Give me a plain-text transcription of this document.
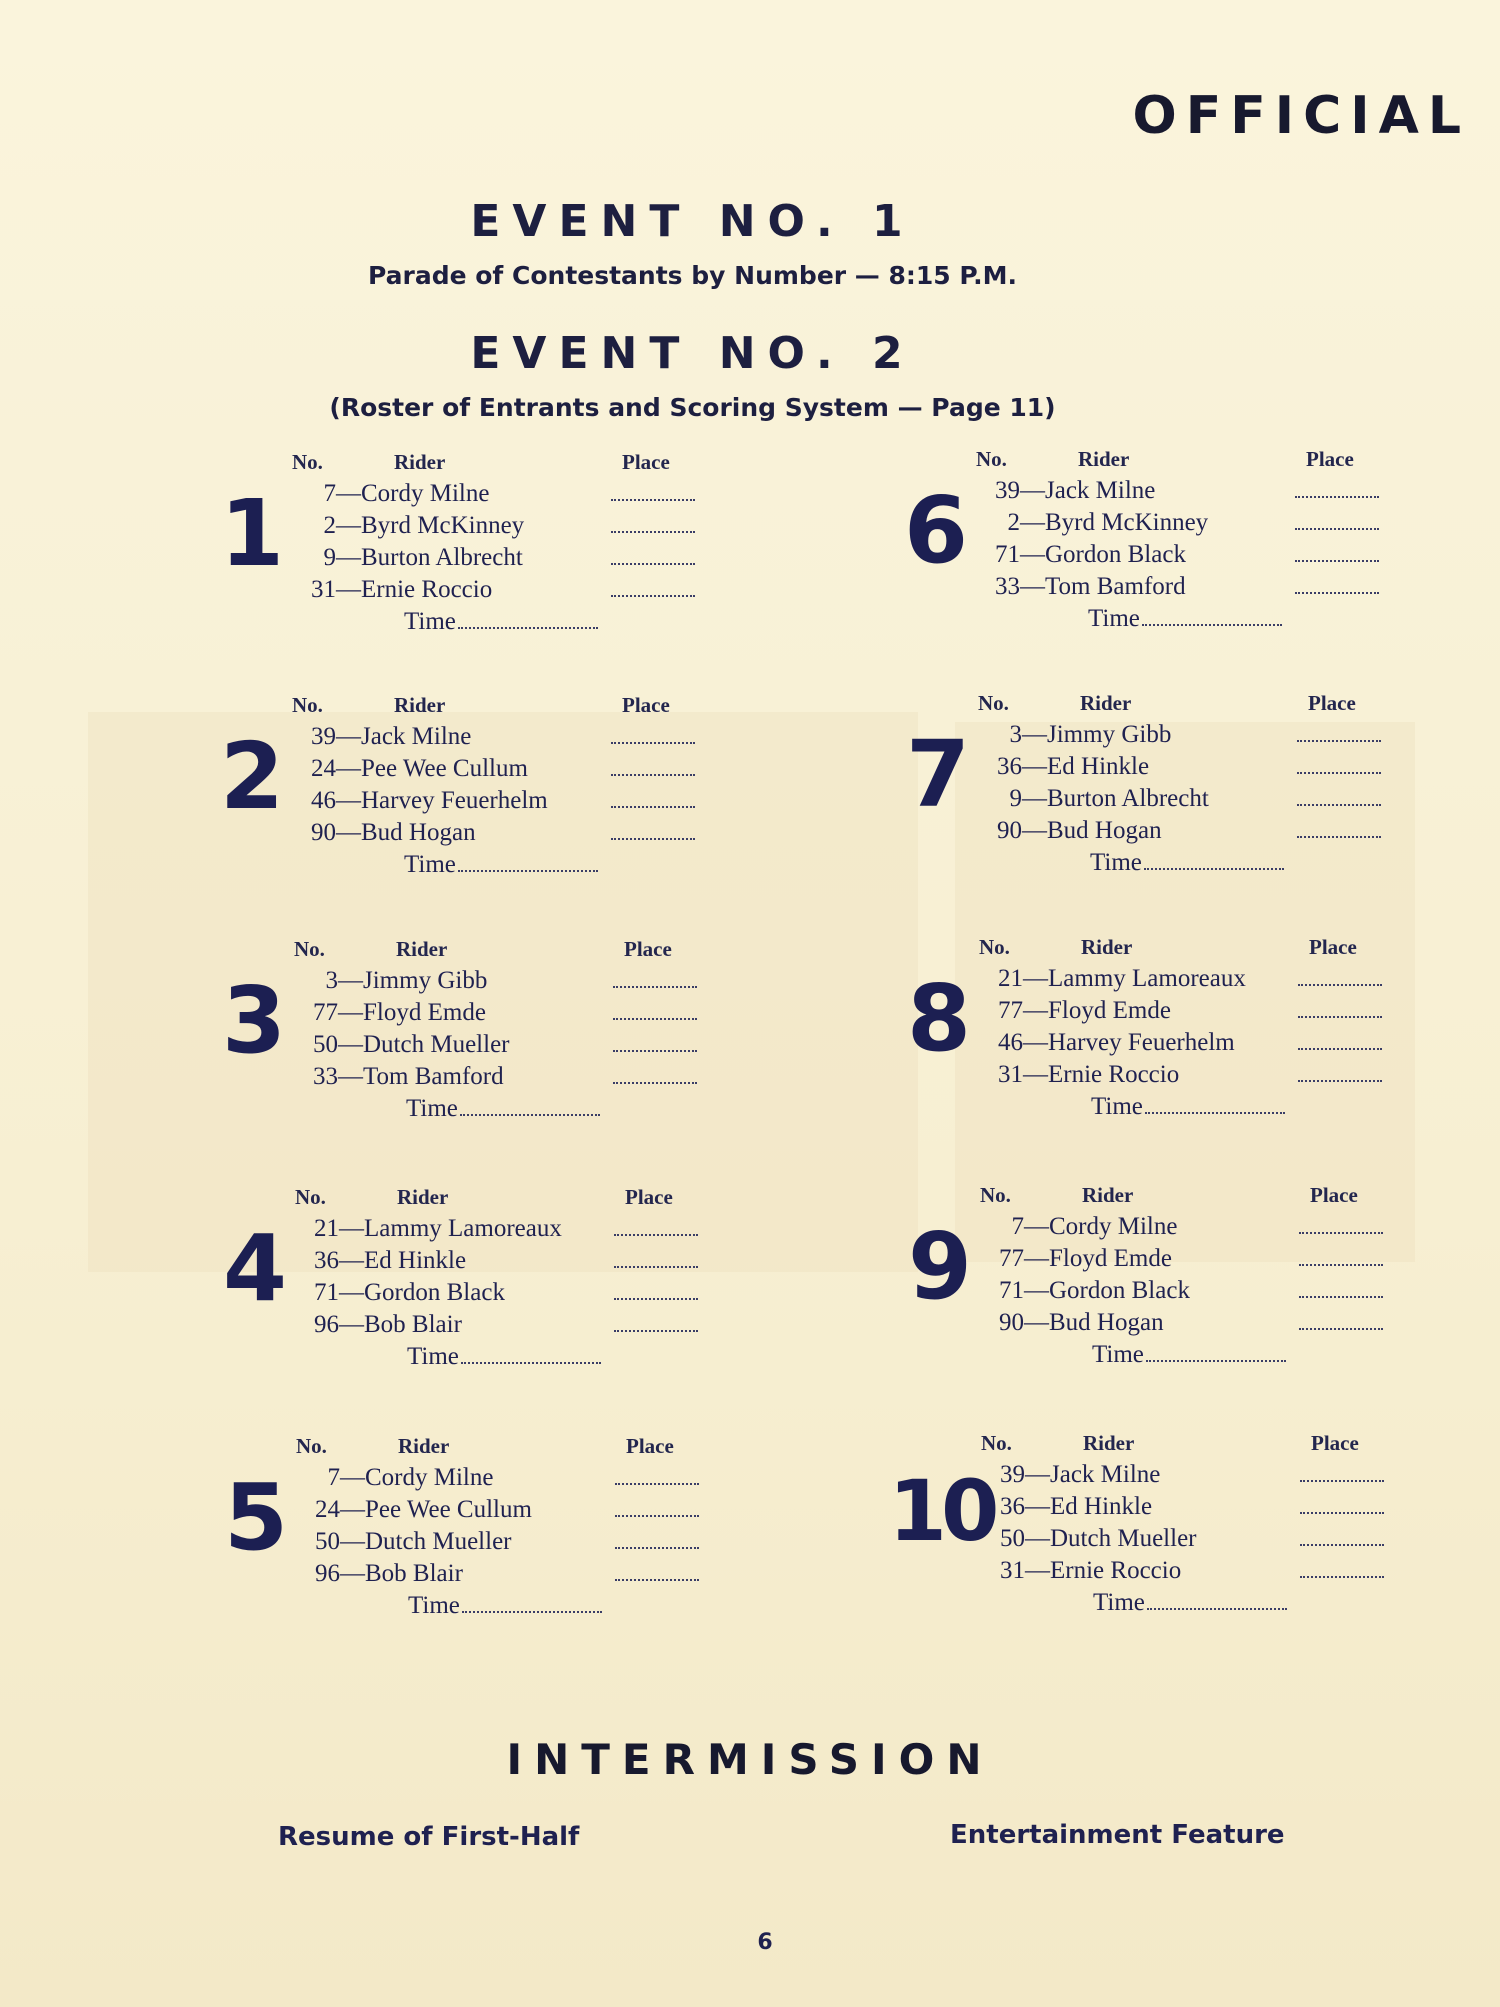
OFFICIAL
EVENT NO. 1
Parade of Contestants by Number — 8:15 P.M.
EVENT NO. 2
(Roster of Entrants and Scoring System — Page 11)
1
No.	Rider	Place
7—Cordy Milne
2—Byrd McKinney
9—Burton Albrecht
31—Ernie Roccio
Time
2
No.	Rider	Place
39—Jack Milne
24—Pee Wee Cullum
46—Harvey Feuerhelm
90—Bud Hogan
Time
3
No.	Rider	Place
3—Jimmy Gibb
77—Floyd Emde
50—Dutch Mueller
33—Tom Bamford
Time
4
No.	Rider	Place
21—Lammy Lamoreaux
36—Ed Hinkle
71—Gordon Black
96—Bob Blair
Time
5
No.	Rider	Place
7—Cordy Milne
24—Pee Wee Cullum
50—Dutch Mueller
96—Bob Blair
Time
6
No.	Rider	Place
39—Jack Milne
2—Byrd McKinney
71—Gordon Black
33—Tom Bamford
Time
7
No.	Rider	Place
3—Jimmy Gibb
36—Ed Hinkle
9—Burton Albrecht
90—Bud Hogan
Time
8
No.	Rider	Place
21—Lammy Lamoreaux
77—Floyd Emde
46—Harvey Feuerhelm
31—Ernie Roccio
Time
9
No.	Rider	Place
7—Cordy Milne
77—Floyd Emde
71—Gordon Black
90—Bud Hogan
Time
10
No.	Rider	Place
39—Jack Milne
36—Ed Hinkle
50—Dutch Mueller
31—Ernie Roccio
Time
INTERMISSION
Resume of First-Half	Entertainment Feature
6
